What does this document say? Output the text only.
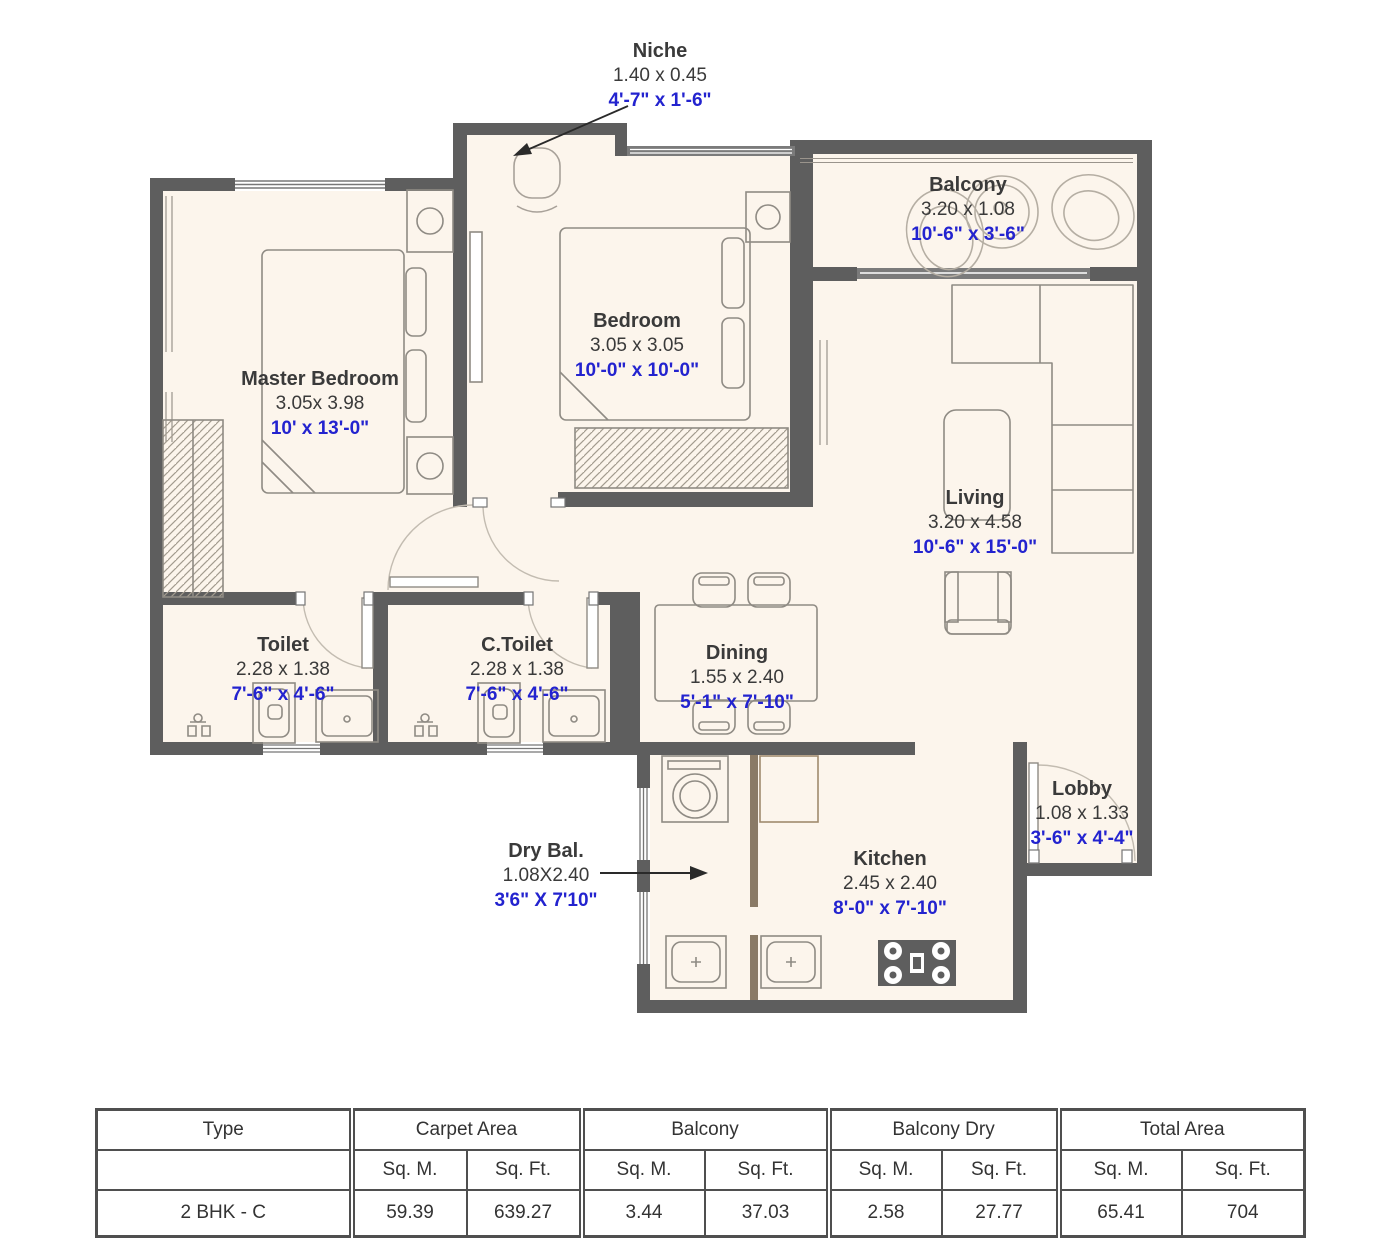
Niche
1.40 x 0.45
4'-7" x 1'-6"
Master Bedroom
3.05x 3.98
10' x 13'-0"
Bedroom
3.05 x 3.05
10'-0" x 10'-0"
Balcony
3.20 x 1.08
10'-6" x 3'-6"
Living
3.20 x 4.58
10'-6" x 15'-0"
Toilet
2.28 x 1.38
7'-6" x 4'-6"
C.Toilet
2.28 x 1.38
7'-6" x 4'-6"
Dining
1.55 x 2.40
5'-1" x 7'-10"
Dry Bal.
1.08X2.40
3'6" X 7'10"
Kitchen
2.45 x 2.40
8'-0" x 7'-10"
Lobby
1.08 x 1.33
3'-6" x 4'-4"
Type	Carpet Area		Balcony		Balcony Dry		Total Area	
	Sq. M.	Sq. Ft.	Sq. M.	Sq. Ft.	Sq. M.	Sq. Ft.	Sq. M.	Sq. Ft.
2 BHK - C	59.39	639.27	3.44	37.03	2.58	27.77	65.41	704
